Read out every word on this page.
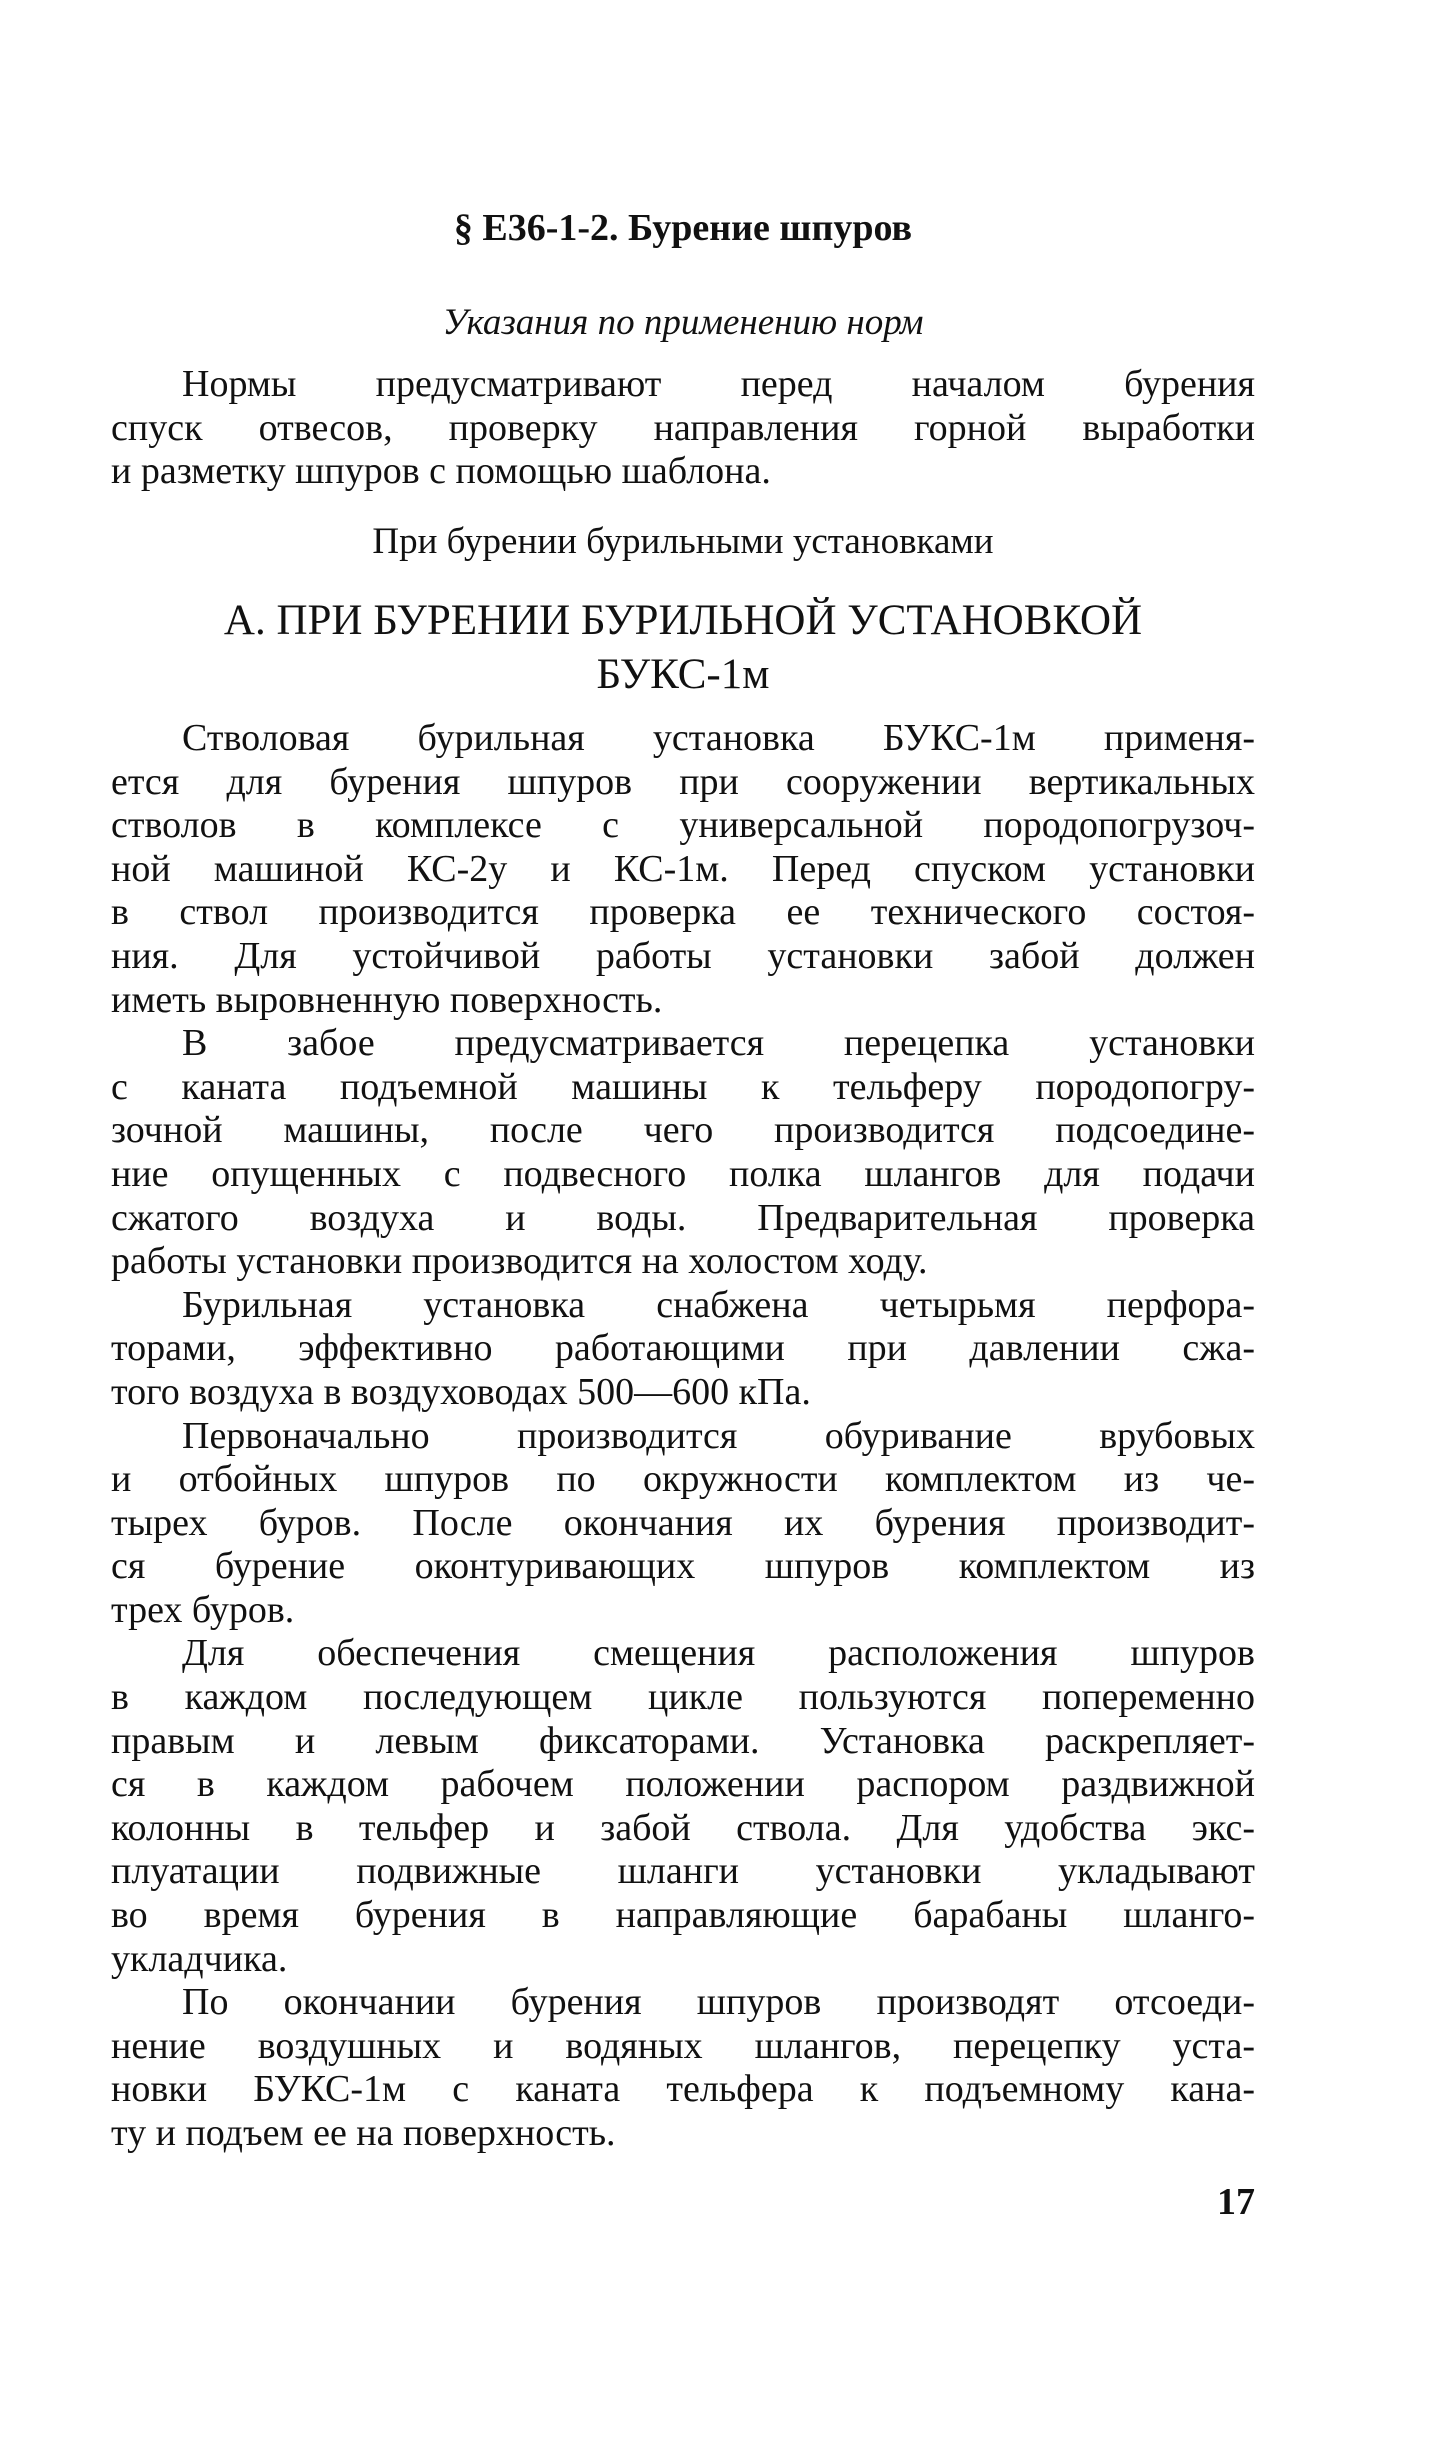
§ Е36-1-2. Бурение шпуров
Указания по применению норм
Нормы предусматривают перед началом бурения
спуск отвесов, проверку направления горной выработки
и разметку шпуров с помощью шаблона.
При бурении бурильными установками
А. ПРИ БУРЕНИИ БУРИЛЬНОЙ УСТАНОВКОЙ
БУКС-1м
Стволовая бурильная установка БУКС-1м применя-
ется для бурения шпуров при сооружении вертикальных
стволов в комплексе с универсальной породопогрузоч-
ной машиной КС-2у и КС-1м. Перед спуском установки
в ствол производится проверка ее технического состоя-
ния. Для устойчивой работы установки забой должен
иметь выровненную поверхность.
В забое предусматривается перецепка установки
с каната подъемной машины к тельферу породопогру-
зочной машины, после чего производится подсоедине-
ние опущенных с подвесного полка шлангов для подачи
сжатого воздуха и воды. Предварительная проверка
работы установки производится на холостом ходу.
Бурильная установка снабжена четырьмя перфора-
торами, эффективно работающими при давлении сжа-
того воздуха в воздуховодах 500—600 кПа.
Первоначально производится обуривание врубовых
и отбойных шпуров по окружности комплектом из че-
тырех буров. После окончания их бурения производит-
ся бурение оконтуривающих шпуров комплектом из
трех буров.
Для обеспечения смещения расположения шпуров
в каждом последующем цикле пользуются попеременно
правым и левым фиксаторами. Установка раскрепляет-
ся в каждом рабочем положении распором раздвижной
колонны в тельфер и забой ствола. Для удобства экс-
плуатации подвижные шланги установки укладывают
во время бурения в направляющие барабаны шланго-
укладчика.
По окончании бурения шпуров производят отсоеди-
нение воздушных и водяных шлангов, перецепку уста-
новки БУКС-1м с каната тельфера к подъемному кана-
ту и подъем ее на поверхность.
17
